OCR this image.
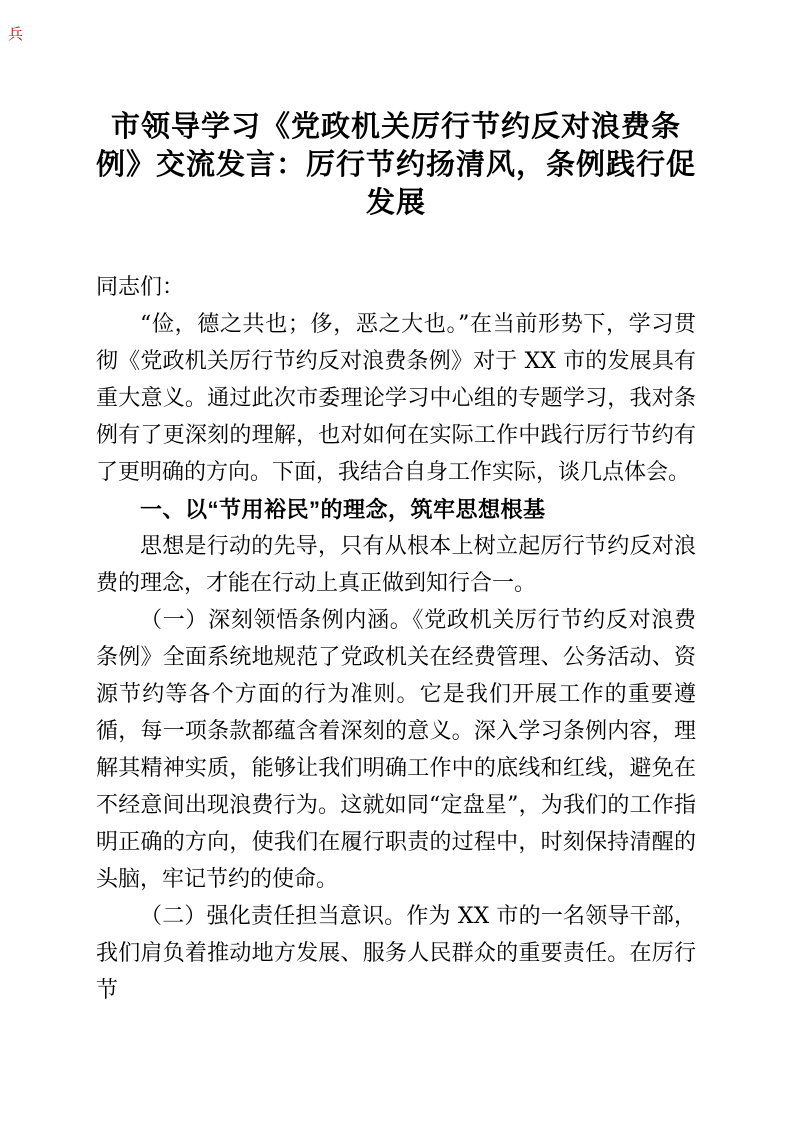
兵
市领导学习《党政机关厉行节约反对浪费条
例》交流发言：厉行节约扬清风，条例践行促
发展

同志们：

“俭，德之共也；侈，恶之大也。”在当前形势下，学习贯彻《党政机关厉行节约反对浪费条例》对于 XX 市的发展具有重大意义。通过此次市委理论学习中心组的专题学习，我对条例有了更深刻的理解，也对如何在实际工作中践行厉行节约有了更明确的方向。下面，我结合自身工作实际，谈几点体会。

一、以“节用裕民”的理念，筑牢思想根基

思想是行动的先导，只有从根本上树立起厉行节约反对浪费的理念，才能在行动上真正做到知行合一。

（一）深刻领悟条例内涵。《党政机关厉行节约反对浪费条例》全面系统地规范了党政机关在经费管理、公务活动、资源节约等各个方面的行为准则。它是我们开展工作的重要遵循，每一项条款都蕴含着深刻的意义。深入学习条例内容，理解其精神实质，能够让我们明确工作中的底线和红线，避免在不经意间出现浪费行为。这就如同“定盘星”，为我们的工作指明正确的方向，使我们在履行职责的过程中，时刻保持清醒的头脑，牢记节约的使命。

（二）强化责任担当意识。作为 XX 市的一名领导干部，我们肩负着推动地方发展、服务人民群众的重要责任。在厉行节
